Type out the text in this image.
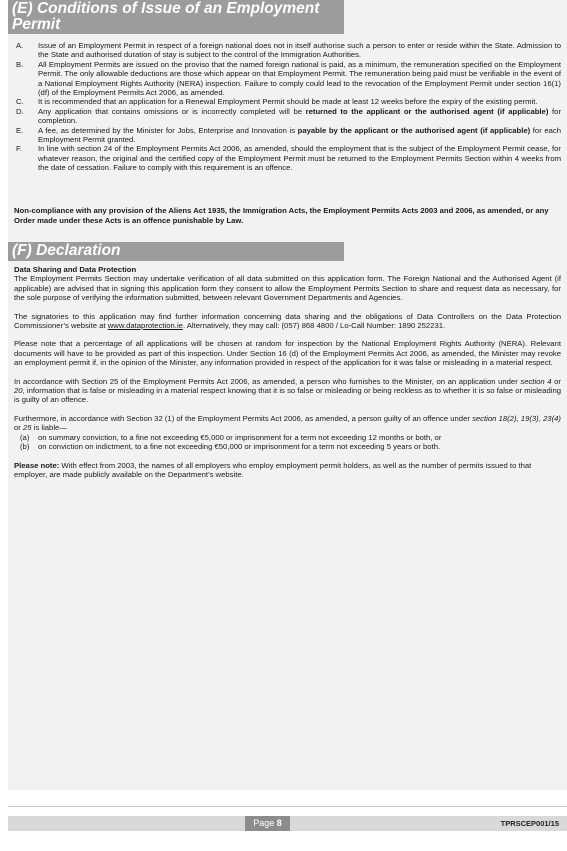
(E) Conditions of Issue of an Employment Permit
A.	Issue of an Employment Permit in respect of a foreign national does not in itself authorise such a person to enter or reside within the State. Admission to the State and authorised duration of stay is subject to the control of the Immigration Authorities.
B.	All Employment Permits are issued on the proviso that the named foreign national is paid, as a minimum, the remuneration specified on the Employment Permit. The only allowable deductions are those which appear on that Employment Permit. The remuneration being paid must be verifiable in the event of a National Employment Rights Authority (NERA) inspection. Failure to comply could lead to the revocation of the Employment Permit under section 16(1)(df) of the Employment Permits Act 2006, as amended.
C.	It is recommended that an application for a Renewal Employment Permit should be made at least 12 weeks before the expiry of the existing permit.
D.	Any application that contains omissions or is incorrectly completed will be returned to the applicant or the authorised agent (if applicable) for completion.
E.	A fee, as determined by the Minister for Jobs, Enterprise and Innovation is payable by the applicant or the authorised agent (if applicable) for each Employment Permit granted.
F.	In line with section 24 of the Employment Permits Act 2006, as amended, should the employment that is the subject of the Employment Permit cease, for whatever reason, the original and the certified copy of the Employment Permit must be returned to the Employment Permits Section within 4 weeks from the date of cessation. Failure to comply with this requirement is an offence.

Non-compliance with any provision of the Aliens Act 1935, the Immigration Acts, the Employment Permits Acts 2003 and 2006, as amended, or any Order made under these Acts is an offence punishable by Law.

(F) Declaration

Data Sharing and Data Protection

The Employment Permits Section may undertake verification of all data submitted on this application form. The Foreign National and the Authorised Agent (if applicable) are advised that in signing this application form they consent to allow the Employment Permits Section to share and request data as necessary, for the sole purpose of verifying the information submitted, between relevant Government Departments and Agencies.

The signatories to this application may find further information concerning data sharing and the obligations of Data Controllers on the Data Protection Commissioner’s website at www.dataprotection.ie. Alternatively, they may call: (057) 868 4800 / Lo-Call Number: 1890 252231.

Please note that a percentage of all applications will be chosen at random for inspection by the National Employment Rights Authority (NERA). Relevant documents will have to be provided as part of this inspection. Under Section 16 (d) of the Employment Permits Act 2006, as amended, the Minister may revoke an employment permit if, in the opinion of the Minister, any information provided in respect of the application for it was false or misleading in a material respect.

In accordance with Section 25 of the Employment Permits Act 2006, as amended, a person who furnishes to the Minister, on an application under section 4 or 20, information that is false or misleading in a material respect knowing that it is so false or misleading or being reckless as to whether it is so false or misleading is guilty of an offence.

Furthermore, in accordance with Section 32 (1) of the Employment Permits Act 2006, as amended, a person guilty of an offence under section 18(2), 19(3), 23(4) or 25 is liable—

(a)	on summary conviction, to a fine not exceeding €5,000 or imprisonment for a term not exceeding 12 months or both, or
(b)	on conviction on indictment, to a fine not exceeding €50,000 or imprisonment for a term not exceeding 5 years or both.

Please note: With effect from 2003, the names of all employers who employ employment permit holders, as well as the number of permits issued to that employer, are made publicly available on the Department’s website.

Page 8	TPRSCEP001/15
